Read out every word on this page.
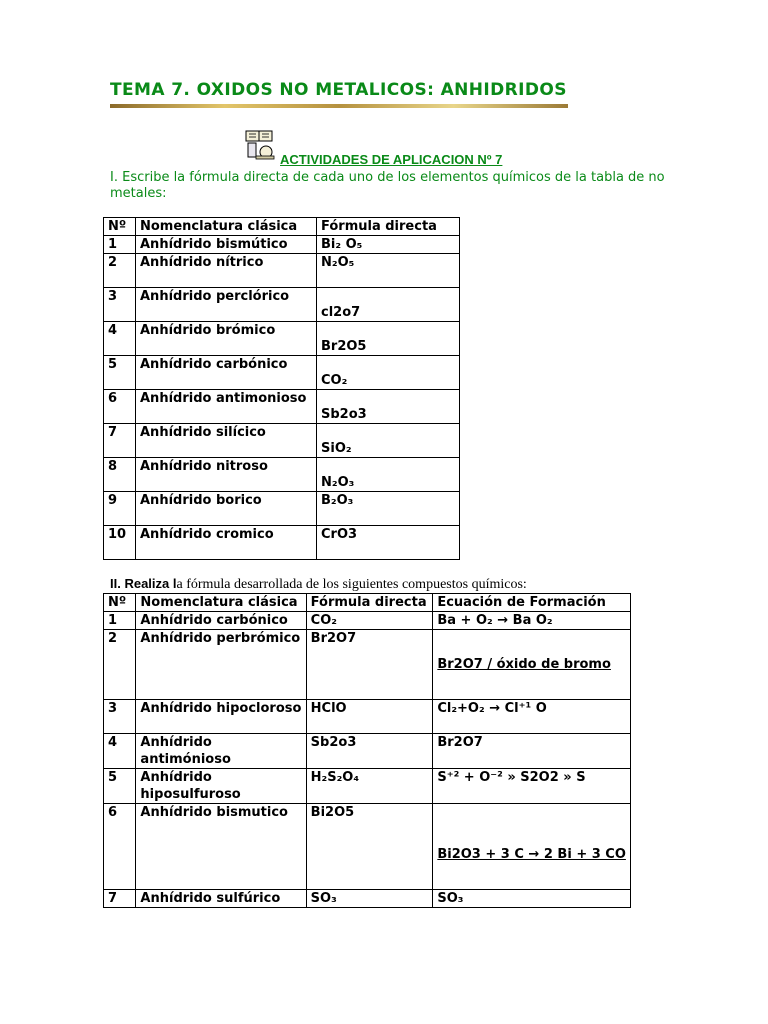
TEMA 7. OXIDOS NO METALICOS: ANHIDRIDOS
ACTIVIDADES DE APLICACION Nº 7
I. Escribe la fórmula directa de cada uno de los elementos químicos de la tabla de no metales:
Nº	Nomenclatura clásica	Fórmula directa
1	Anhídrido bismútico	Bi₂ O₅
2	Anhídrido nítrico	N₂O₅
3	Anhídrido perclórico	cl2o7
4	Anhídrido brómico	Br2O5
5	Anhídrido carbónico	CO₂
6	Anhídrido antimonioso	Sb2o3
7	Anhídrido silícico	SiO₂
8	Anhídrido nitroso	N₂O₃
9	Anhídrido borico	B₂O₃
10	Anhídrido cromico	CrO3
II. Realiza la fórmula desarrollada de los siguientes compuestos químicos:
Nº	Nomenclatura clásica	Fórmula directa	Ecuación de Formación
1	Anhídrido carbónico	CO₂	Ba + O₂ → Ba O₂
2	Anhídrido perbrómico	Br2O7	Br2O7 / óxido de bromo
3	Anhídrido hipocloroso	HClO	Cl₂+O₂ → Cl⁺¹ O
4	Anhídrido antimónioso	Sb2o3	Br2O7
5	Anhídrido hiposulfuroso	H₂S₂O₄	S⁺² + O⁻² » S2O2 » S
6	Anhídrido bismutico	Bi2O5	Bi2O3 + 3 C → 2 Bi + 3 CO
7	Anhídrido sulfúrico	SO₃	SO₃
